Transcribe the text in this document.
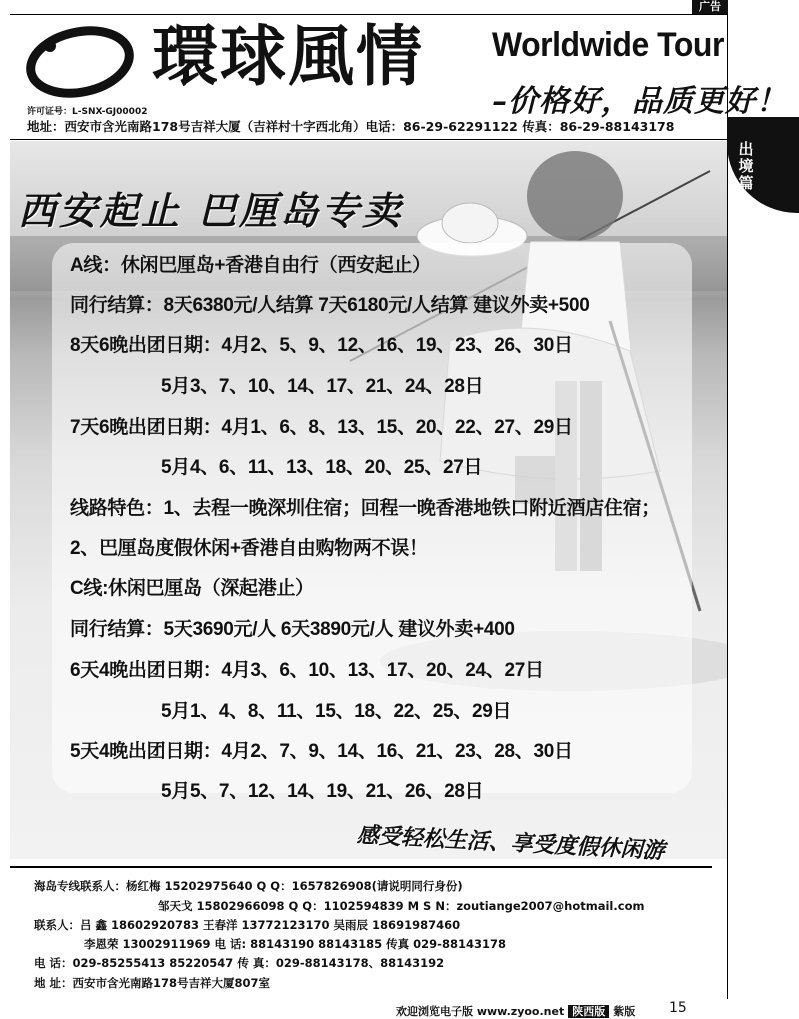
广告
出境篇
環球風情 Worldwide Tour
–价格好，品质更好！
许可证号：L-SNX-GJ00002
地址：西安市含光南路178号吉祥大厦（吉祥村十字西北角）电话：86-29-62291122 传真：86-29-88143178
西安起止 巴厘岛专卖
A线：休闲巴厘岛+香港自由行（西安起止）
同行结算：8天6380元/人结算 7天6180元/人结算 建议外卖+500
8天6晚出团日期：4月2、5、9、12、16、19、23、26、30日
5月3、7、10、14、17、21、24、28日
7天6晚出团日期：4月1、6、8、13、15、20、22、27、29日
5月4、6、11、13、18、20、25、27日
线路特色：1、去程一晚深圳住宿；回程一晚香港地铁口附近酒店住宿；
2、巴厘岛度假休闲+香港自由购物两不误！
C线:休闲巴厘岛（深起港止）
同行结算：5天3690元/人 6天3890元/人 建议外卖+400
6天4晚出团日期：4月3、6、10、13、17、20、24、27日
5月1、4、8、11、15、18、22、25、29日
5天4晚出团日期：4月2、7、9、14、16、21、23、28、30日
5月5、7、12、14、19、21、26、28日
感受轻松生活、享受度假休闲游
海岛专线联系人：杨红梅 15202975640 Q Q：1657826908(请说明同行身份)
邹天戈 15802966098 Q Q：1102594839 M S N：zoutiange2007@hotmail.com
联系人：吕 鑫 18602920783 王春洋 13772123170 吴雨辰 18691987460
李恩荣 13002911969 电 话: 88143190 88143185 传真 029-88143178
电 话：029-85255413 85220547 传 真：029-88143178、88143192
地 址：西安市含光南路178号吉祥大厦807室
欢迎浏览电子版 www.zyoo.net 陕西版 紫版 15
